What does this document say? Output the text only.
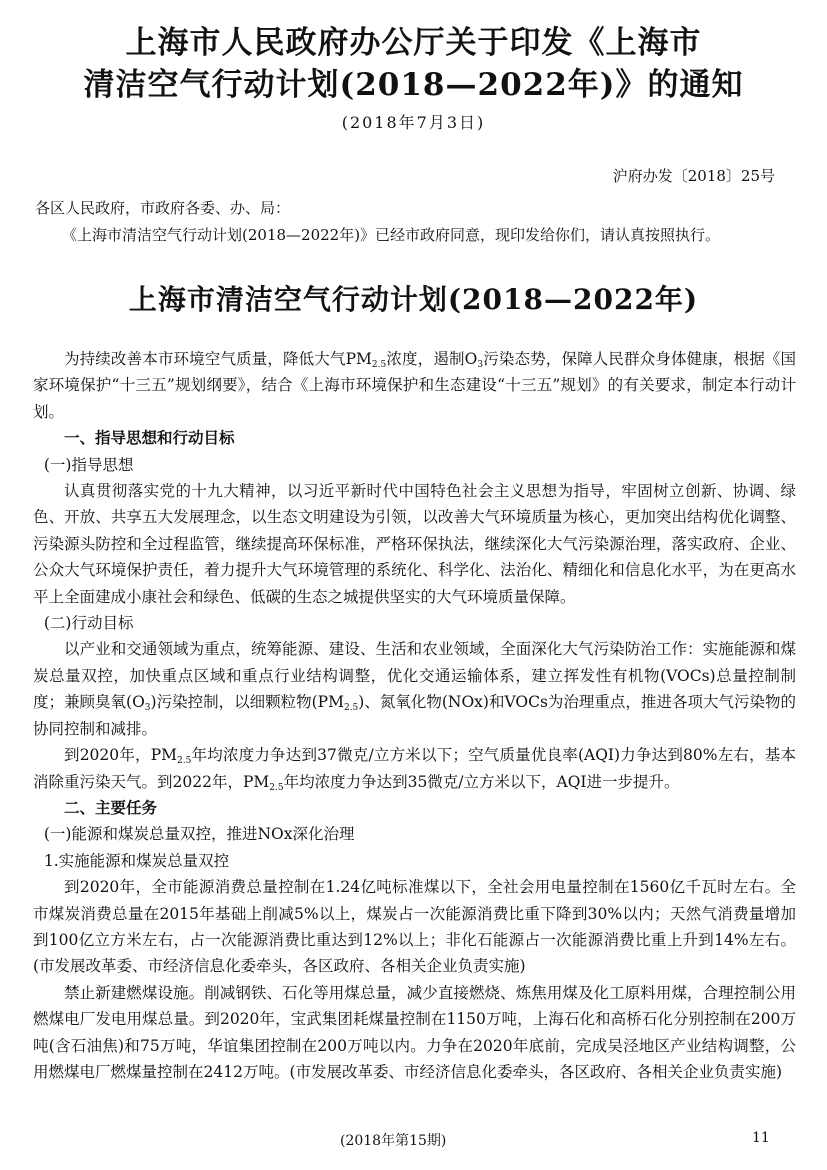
上海市人民政府办公厅关于印发《上海市
清洁空气行动计划(2018—2022年)》的通知
(2018年7月3日)
沪府办发〔2018〕25号
各区人民政府，市政府各委、办、局：
《上海市清洁空气行动计划(2018—2022年)》已经市政府同意，现印发给你们，请认真按照执行。
上海市清洁空气行动计划(2018—2022年)

为持续改善本市环境空气质量，降低大气$PM_{2.5}$浓度，遏制$O_3$污染态势，保障人民群众身体健康，根据《国家环境保护“十三五”规划纲要》，结合《上海市环境保护和生态建设“十三五”规划》的有关要求，制定本行动计划。

一、指导思想和行动目标

(一)指导思想

认真贯彻落实党的十九大精神，以习近平新时代中国特色社会主义思想为指导，牢固树立创新、协调、绿色、开放、共享五大发展理念，以生态文明建设为引领，以改善大气环境质量为核心，更加突出结构优化调整、污染源头防控和全过程监管，继续提高环保标准，严格环保执法，继续深化大气污染源治理，落实政府、企业、公众大气环境保护责任，着力提升大气环境管理的系统化、科学化、法治化、精细化和信息化水平，为在更高水平上全面建成小康社会和绿色、低碳的生态之城提供坚实的大气环境质量保障。

(二)行动目标

以产业和交通领域为重点，统筹能源、建设、生活和农业领域，全面深化大气污染防治工作：实施能源和煤炭总量双控，加快重点区域和重点行业结构调整，优化交通运输体系，建立挥发性有机物(VOCs)总量控制制度；兼顾臭氧$(O_3)$污染控制，以细颗粒物$(PM_{2.5})$、氮氧化物(NOx)和VOCs为治理重点，推进各项大气污染物的协同控制和减排。

到2020年，$PM_{2.5}$年均浓度力争达到37微克/立方米以下；空气质量优良率(AQI)力争达到80%左右，基本消除重污染天气。到2022年，$PM_{2.5}$年均浓度力争达到35微克/立方米以下，AQI进一步提升。

二、主要任务

(一)能源和煤炭总量双控，推进NOx深化治理

1.实施能源和煤炭总量双控

到2020年，全市能源消费总量控制在1.24亿吨标准煤以下，全社会用电量控制在1560亿千瓦时左右。全市煤炭消费总量在2015年基础上削减5%以上，煤炭占一次能源消费比重下降到30%以内；天然气消费量增加到100亿立方米左右，占一次能源消费比重达到12%以上；非化石能源占一次能源消费比重上升到14%左右。(市发展改革委、市经济信息化委牵头，各区政府、各相关企业负责实施)

禁止新建燃煤设施。削减钢铁、石化等用煤总量，减少直接燃烧、炼焦用煤及化工原料用煤，合理控制公用燃煤电厂发电用煤总量。到2020年，宝武集团耗煤量控制在1150万吨，上海石化和高桥石化分别控制在200万吨(含石油焦)和75万吨，华谊集团控制在200万吨以内。力争在2020年底前，完成吴泾地区产业结构调整，公用燃煤电厂燃煤量控制在2412万吨。(市发展改革委、市经济信息化委牵头，各区政府、各相关企业负责实施)

(2018年第15期)	11
